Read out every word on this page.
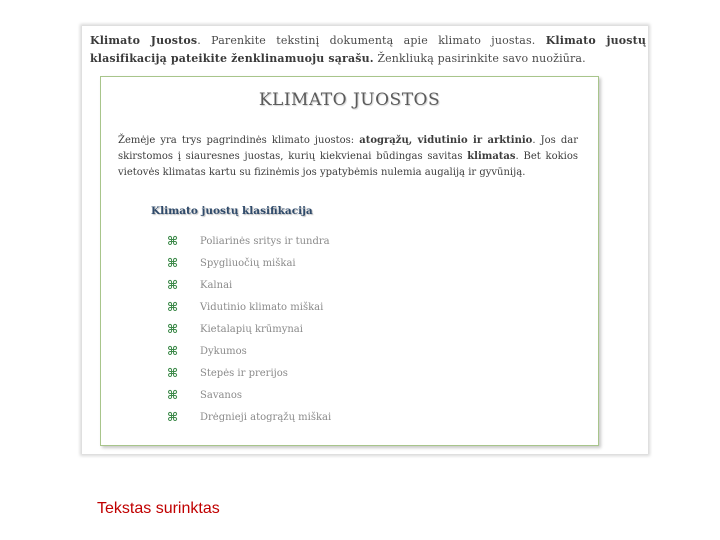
Klimato Juostos. Parenkite tekstinį dokumentą apie klimato juostas. Klimato juostų klasifikaciją pateikite ženklinamuoju sąrašu. Ženkliuką pasirinkite savo nuožiūra.
KLIMATO JUOSTOS
Žemėje yra trys pagrindinės klimato juostos: atogrąžų, vidutinio ir arktinio. Jos dar skirstomos į siauresnes juostas, kurių kiekvienai būdingas savitas klimatas. Bet kokios vietovės klimatas kartu su fizinėmis jos ypatybėmis nulemia augaliją ir gyvūniją.
Klimato juostų klasifikacija
⌘ Poliarinės sritys ir tundra
⌘ Spygliuočių miškai
⌘ Kalnai
⌘ Vidutinio klimato miškai
⌘ Kietalapių krūmynai
⌘ Dykumos
⌘ Stepės ir prerijos
⌘ Savanos
⌘ Drėgnieji atogrąžų miškai
Tekstas surinktas
